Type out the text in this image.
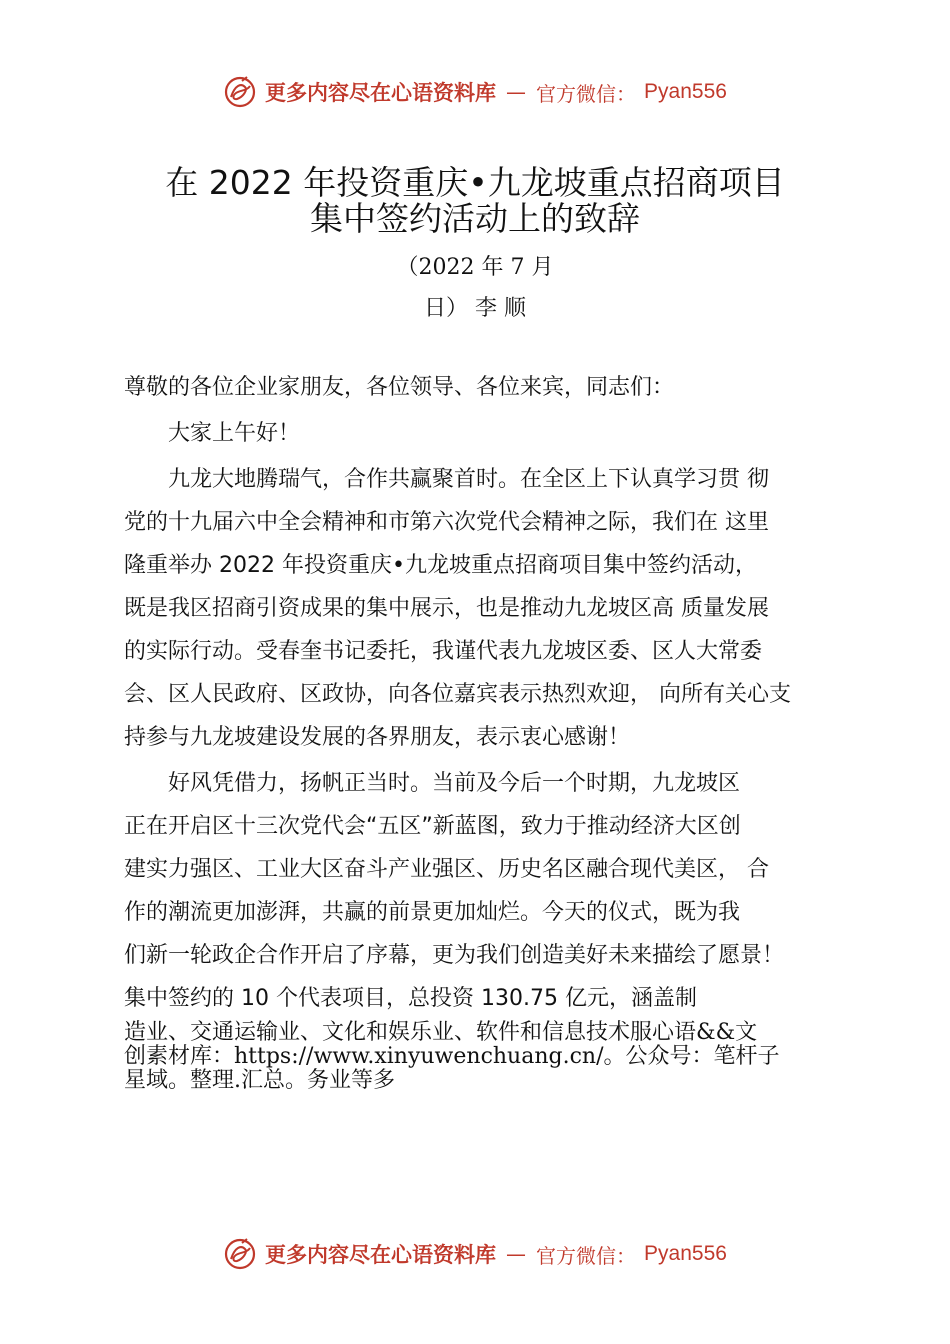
更多内容尽在心语资料库 — 官方微信： Pyan556
在 2022 年投资重庆•九龙坡重点招商项目
集中签约活动上的致辞
（2022 年 7 月
日） 李 顺
尊敬的各位企业家朋友，各位领导、各位来宾，同志们：
　　大家上午好！
　　九龙大地腾瑞气，合作共赢聚首时。在全区上下认真学习贯 彻
党的十九届六中全会精神和市第六次党代会精神之际，我们在 这里
隆重举办 2022 年投资重庆•九龙坡重点招商项目集中签约活动，
既是我区招商引资成果的集中展示，也是推动九龙坡区高 质量发展
的实际行动。受春奎书记委托，我谨代表九龙坡区委、区人大常委
会、区人民政府、区政协，向各位嘉宾表示热烈欢迎， 向所有关心支
持参与九龙坡建设发展的各界朋友，表示衷心感谢！
　　好风凭借力，扬帆正当时。当前及今后一个时期，九龙坡区
正在开启区十三次党代会“五区”新蓝图，致力于推动经济大区创
建实力强区、工业大区奋斗产业强区、历史名区融合现代美区， 合
作的潮流更加澎湃，共赢的前景更加灿烂。今天的仪式，既为我
们新一轮政企合作开启了序幕，更为我们创造美好未来描绘了愿景！
集中签约的 10 个代表项目，总投资 130.75 亿元，涵盖制
造业、交通运输业、文化和娱乐业、软件和信息技术服心语&&文
创素材库：https://www.xinyuwenchuang.cn/。公众号：笔杆子
星域。整理.汇总。务业等多
更多内容尽在心语资料库 — 官方微信： Pyan556
